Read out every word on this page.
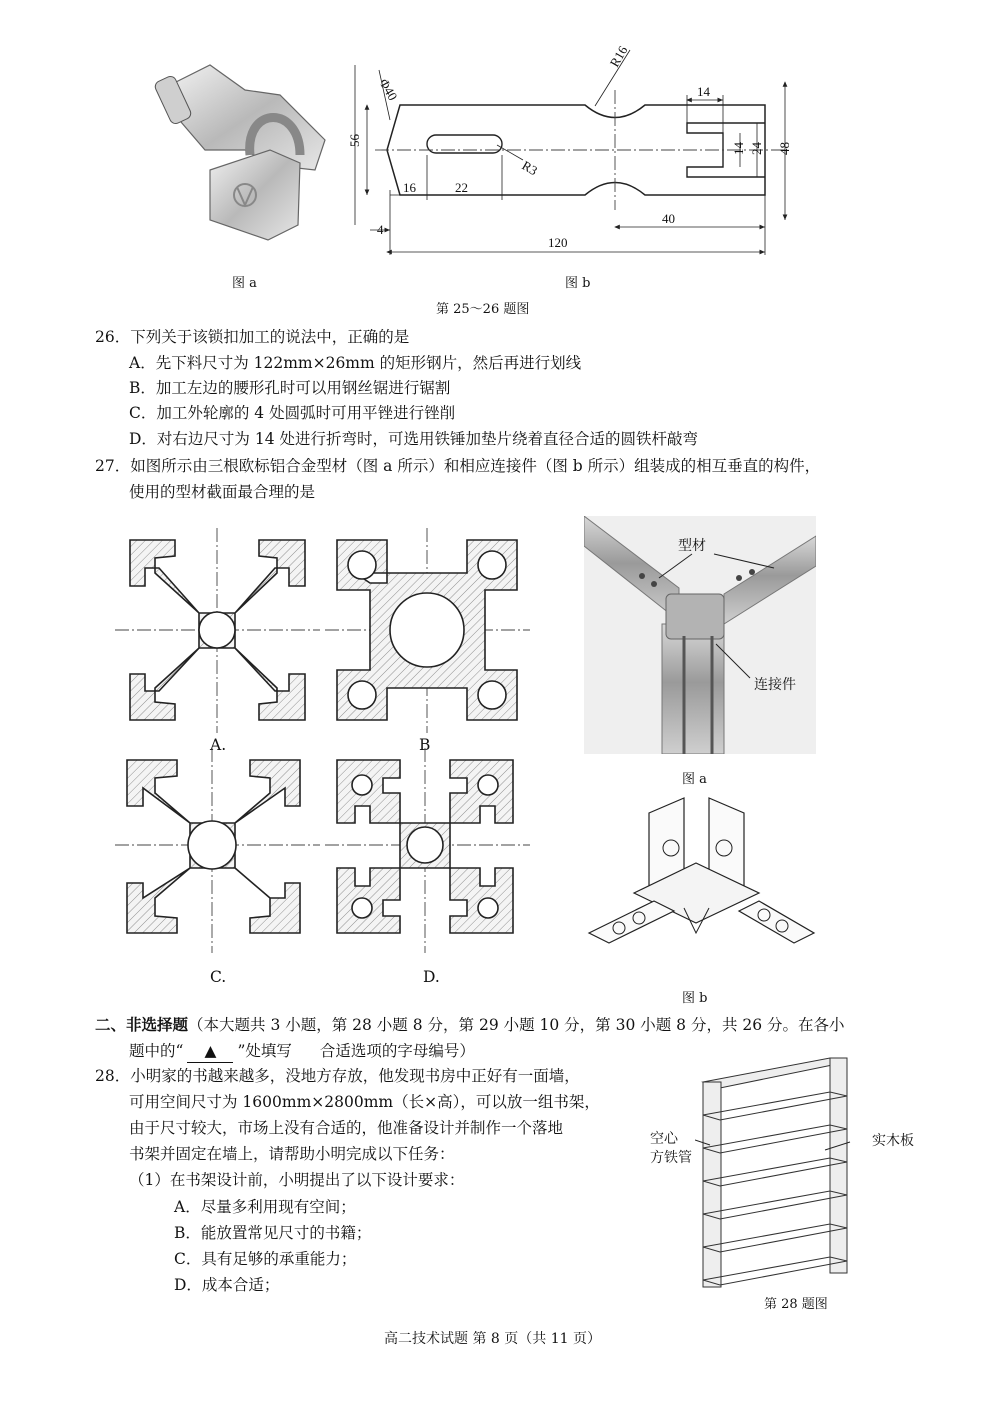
56
Φ40
R16
R3
16	22
4
120
40
14
14 24 48
图 a	图 b
第 25～26 题图
26．下列关于该锁扣加工的说法中，正确的是
A．先下料尺寸为 122mm×26mm 的矩形钢片，然后再进行划线
B．加工左边的腰形孔时可以用钢丝锯进行锯割
C．加工外轮廓的 4 处圆弧时可用平锉进行锉削
D．对右边尺寸为 14 处进行折弯时，可选用铁锤加垫片绕着直径合适的圆铁杆敲弯
27．如图所示由三根欧标铝合金型材（图 a 所示）和相应连接件（图 b 所示）组装成的相互垂直的构件，
使用的型材截面最合理的是
A.	B
C.	D.
型材
连接件
图 a
图 b
二、非选择题（本大题共 3 小题，第 28 小题 8 分，第 29 小题 10 分，第 30 小题 8 分，共 26 分。在各小
题中的“ ▲ ”处填写 合适选项的字母编号）
28．小明家的书越来越多，没地方存放，他发现书房中正好有一面墙，
可用空间尺寸为 1600mm×2800mm（长×高），可以放一组书架，
由于尺寸较大，市场上没有合适的，他准备设计并制作一个落地
书架并固定在墙上，请帮助小明完成以下任务：
（1）在书架设计前，小明提出了以下设计要求：
A．尽量多利用现有空间；
B．能放置常见尺寸的书籍；
C．具有足够的承重能力；
D．成本合适；
空心
方铁管
实木板
第 28 题图
高二技术试题 第 8 页（共 11 页）
